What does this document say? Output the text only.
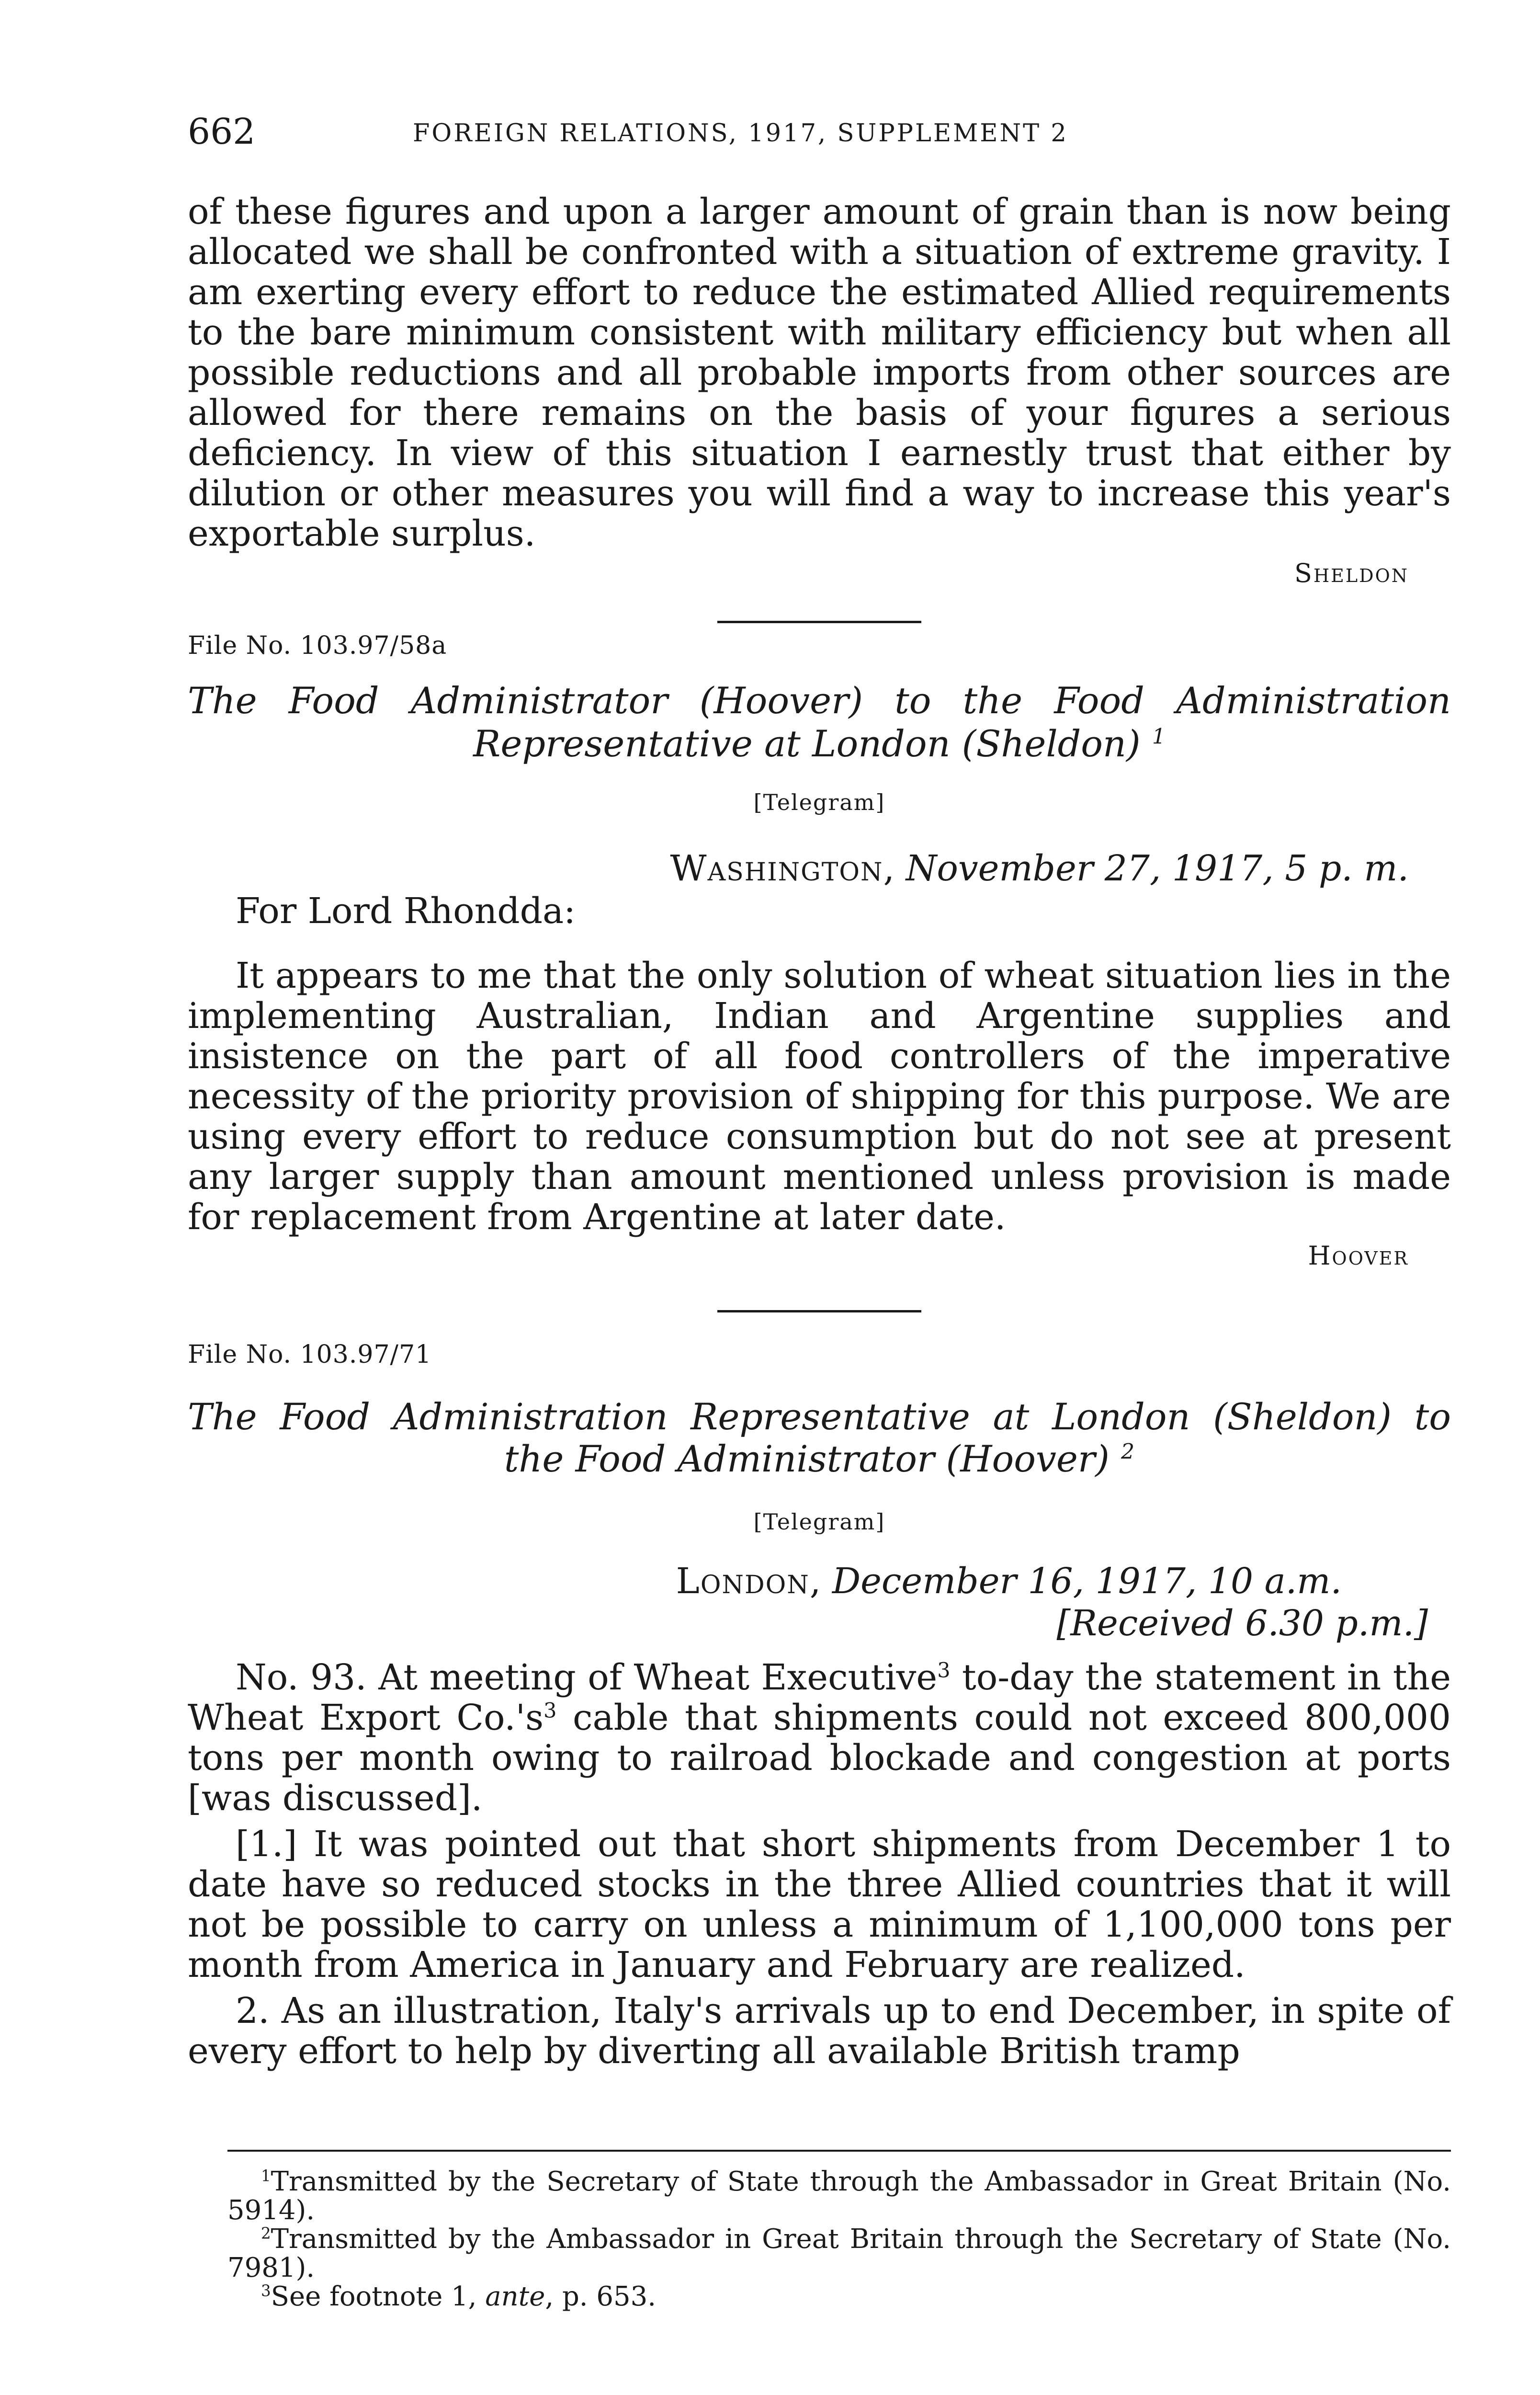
662	FOREIGN RELATIONS, 1917, SUPPLEMENT 2

of these figures and upon a larger amount of grain than is now being allocated we shall be confronted with a situation of extreme gravity. I am exerting every effort to reduce the estimated Allied requirements to the bare minimum consistent with military efficiency but when all possible reductions and all probable imports from other sources are allowed for there remains on the basis of your figures a serious deficiency. In view of this situation I earnestly trust that either by dilution or other measures you will find a way to increase this year's exportable surplus.

Sheldon
File No. 103.97/58a
The Food Administrator (Hoover) to the Food Administration
Representative at London (Sheldon) $^1$
[Telegram]
Washington, November 27, 1917, 5 p. m.
For Lord Rhondda:

It appears to me that the only solution of wheat situation lies in the implementing Australian, Indian and Argentine supplies and insistence on the part of all food controllers of the imperative necessity of the priority provision of shipping for this purpose. We are using every effort to reduce consumption but do not see at present any larger supply than amount mentioned unless provision is made for replacement from Argentine at later date.

Hoover
File No. 103.97/71
The Food Administration Representative at London (Sheldon) to
the Food Administrator (Hoover) $^2$
[Telegram]
London, December 16, 1917, 10 a.m.
[Received 6.30 p.m.]

No. 93. At meeting of Wheat Executive$^3$ to-day the statement in the Wheat Export $Co.'s^3$ cable that shipments could not exceed 800,000 tons per month owing to railroad blockade and congestion at ports [was discussed].

[1.] It was pointed out that short shipments from December 1 to date have so reduced stocks in the three Allied countries that it will not be possible to carry on unless a minimum of 1,100,000 tons per month from America in January and February are realized.

2. As an illustration, Italy's arrivals up to end December, in spite of every effort to help by diverting all available British tramp

$^1$Transmitted by the Secretary of State through the Ambassador in Great Britain (No. 5914).
$^2$Transmitted by the Ambassador in Great Britain through the Secretary of State (No. 7981).
$^3$See footnote 1, ante, p. 653.
